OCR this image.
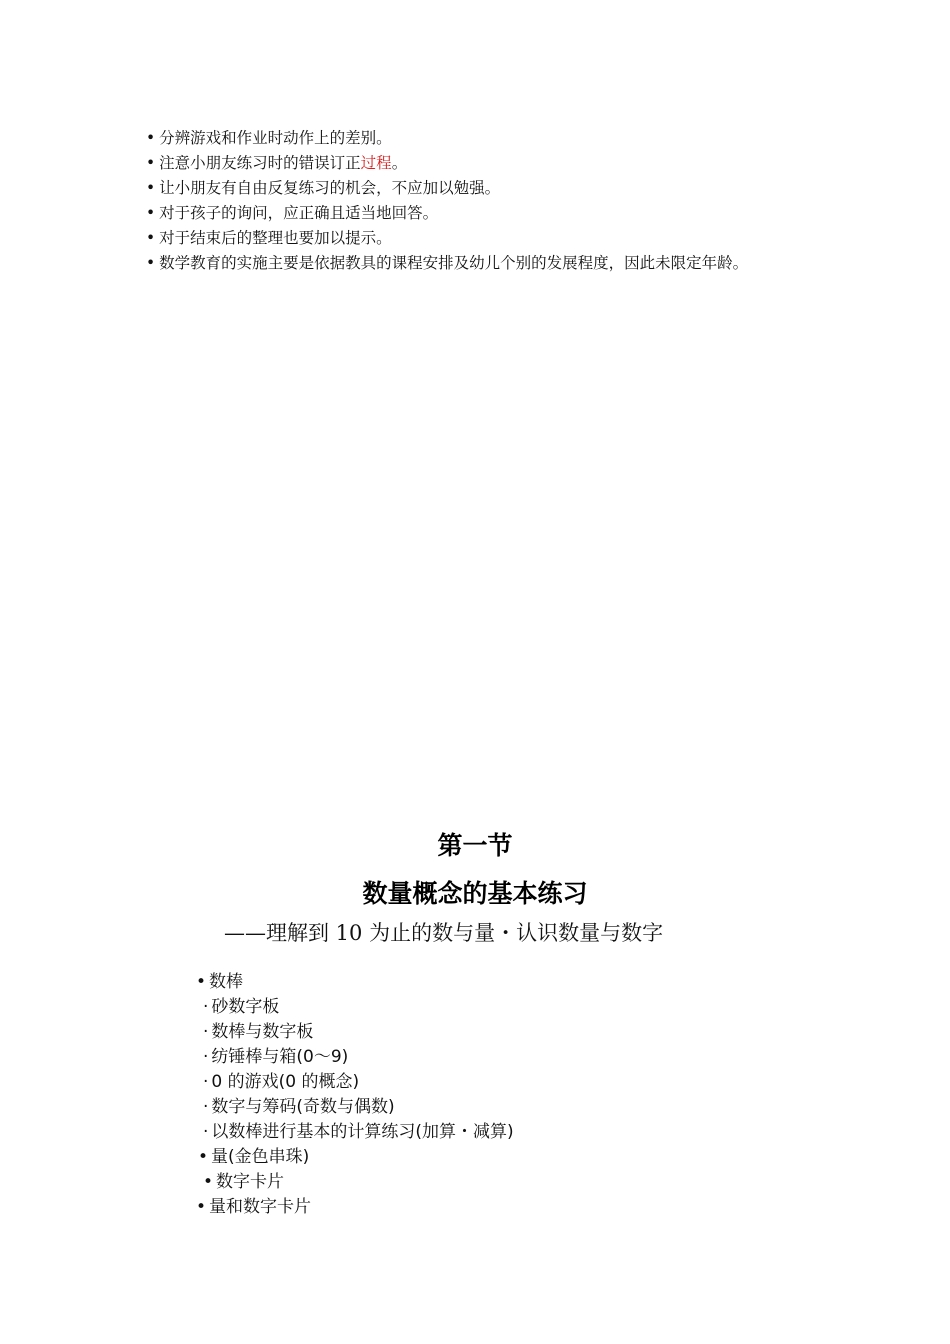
• 分辨游戏和作业时动作上的差别。
• 注意小朋友练习时的错误订正过程。
• 让小朋友有自由反复练习的机会，不应加以勉强。
• 对于孩子的询问，应正确且适当地回答。
• 对于结束后的整理也要加以提示。
• 数学教育的实施主要是依据教具的课程安排及幼儿个别的发展程度，因此未限定年龄。
第一节
数量概念的基本练习

——理解到 10 为止的数与量・认识数量与数字

• 数棒
· 砂数字板
· 数棒与数字板
· 纺锤棒与箱(0～9)
· 0 的游戏(0 的概念)
· 数字与筹码(奇数与偶数)
· 以数棒进行基本的计算练习(加算・减算)
• 量(金色串珠)
• 数字卡片
• 量和数字卡片
